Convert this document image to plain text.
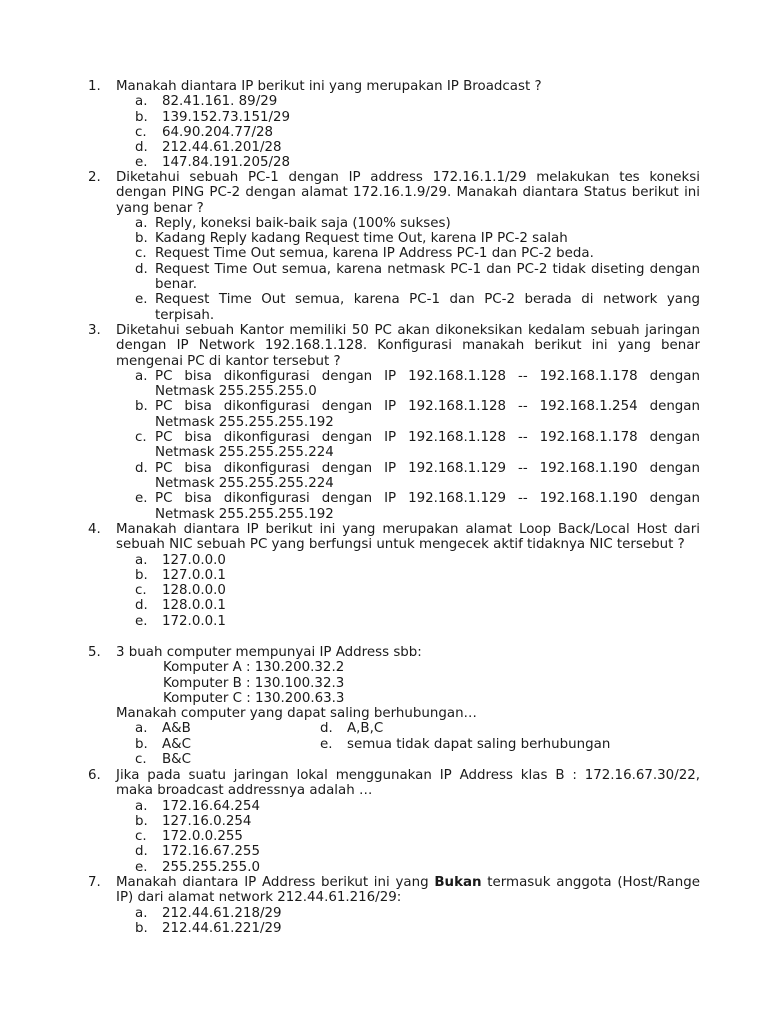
1.	Manakah diantara IP berikut ini yang merupakan IP Broadcast ?
a.	82.41.161. 89/29
b.	139.152.73.151/29
c.	64.90.204.77/28
d.	212.44.61.201/28
e.	147.84.191.205/28
2.	Diketahui sebuah PC-1 dengan IP address 172.16.1.1/29 melakukan tes koneksi dengan PING PC-2 dengan alamat 172.16.1.9/29. Manakah diantara Status berikut ini yang benar ?
a. Reply, koneksi baik-baik saja (100% sukses)
b. Kadang Reply kadang Request time Out, karena IP PC-2 salah
c. Request Time Out semua, karena IP Address PC-1 dan PC-2 beda.
d. Request Time Out semua, karena netmask PC-1 dan PC-2 tidak diseting dengan benar.
e. Request Time Out semua, karena PC-1 dan PC-2 berada di network yang terpisah.
3.	Diketahui sebuah Kantor memiliki 50 PC akan dikoneksikan kedalam sebuah jaringan dengan IP Network 192.168.1.128. Konfigurasi manakah berikut ini yang benar mengenai PC di kantor tersebut ?
a. PC bisa dikonfigurasi dengan IP 192.168.1.128 -- 192.168.1.178 dengan Netmask 255.255.255.0
b. PC bisa dikonfigurasi dengan IP 192.168.1.128 -- 192.168.1.254 dengan Netmask 255.255.255.192
c. PC bisa dikonfigurasi dengan IP 192.168.1.128 -- 192.168.1.178 dengan Netmask 255.255.255.224
d. PC bisa dikonfigurasi dengan IP 192.168.1.129 -- 192.168.1.190 dengan Netmask 255.255.255.224
e. PC bisa dikonfigurasi dengan IP 192.168.1.129 -- 192.168.1.190 dengan Netmask 255.255.255.192
4.	Manakah diantara IP berikut ini yang merupakan alamat Loop Back/Local Host dari sebuah NIC sebuah PC yang berfungsi untuk mengecek aktif tidaknya NIC tersebut ?
a.	127.0.0.0
b.	127.0.0.1
c.	128.0.0.0
d.	128.0.0.1
e.	172.0.0.1
5.	3 buah computer mempunyai IP Address sbb:
Komputer A : 130.200.32.2
Komputer B : 130.100.32.3
Komputer C : 130.200.63.3
Manakah computer yang dapat saling berhubungan…
a. A&B	d. A,B,C
b. A&C	e. semua tidak dapat saling berhubungan
c. B&C
6.	Jika pada suatu jaringan lokal menggunakan IP Address klas B : 172.16.67.30/22, maka broadcast addressnya adalah …
a.	172.16.64.254
b.	127.16.0.254
c.	172.0.0.255
d.	172.16.67.255
e.	255.255.255.0
7.	Manakah diantara IP Address berikut ini yang Bukan termasuk anggota (Host/Range IP) dari alamat network 212.44.61.216/29:
a.	212.44.61.218/29
b.	212.44.61.221/29
